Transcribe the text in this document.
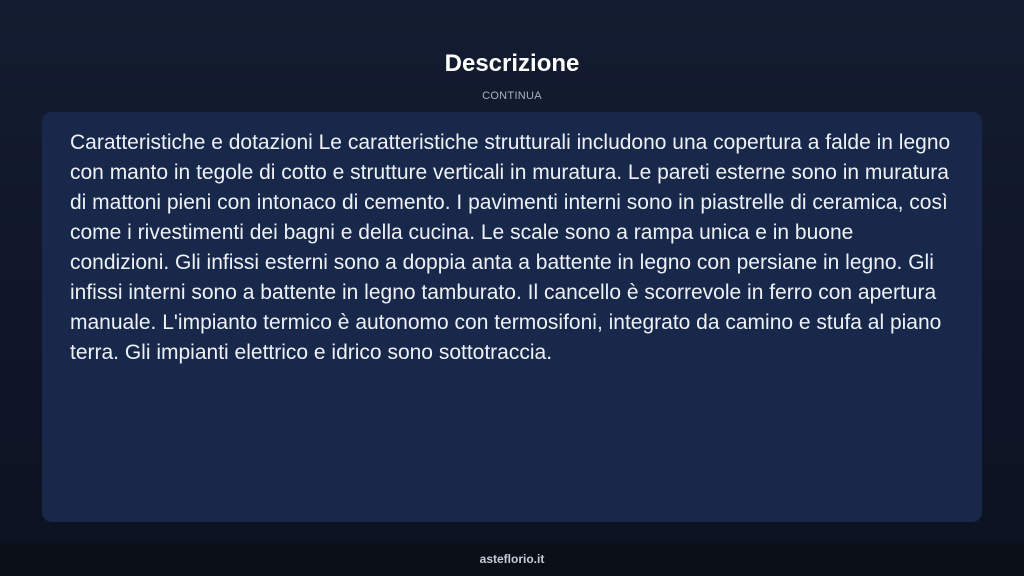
Descrizione
CONTINUA

Caratteristiche e dotazioni Le caratteristiche strutturali includono una copertura a falde in legno con manto in tegole di cotto e strutture verticali in muratura. Le pareti esterne sono in muratura di mattoni pieni con intonaco di cemento. I pavimenti interni sono in piastrelle di ceramica, così come i rivestimenti dei bagni e della cucina. Le scale sono a rampa unica e in buone condizioni. Gli infissi esterni sono a doppia anta a battente in legno con persiane in legno. Gli infissi interni sono a battente in legno tamburato. Il cancello è scorrevole in ferro con apertura manuale. L'impianto termico è autonomo con termosifoni, integrato da camino e stufa al piano terra. Gli impianti elettrico e idrico sono sottotraccia.

asteflorio.it
